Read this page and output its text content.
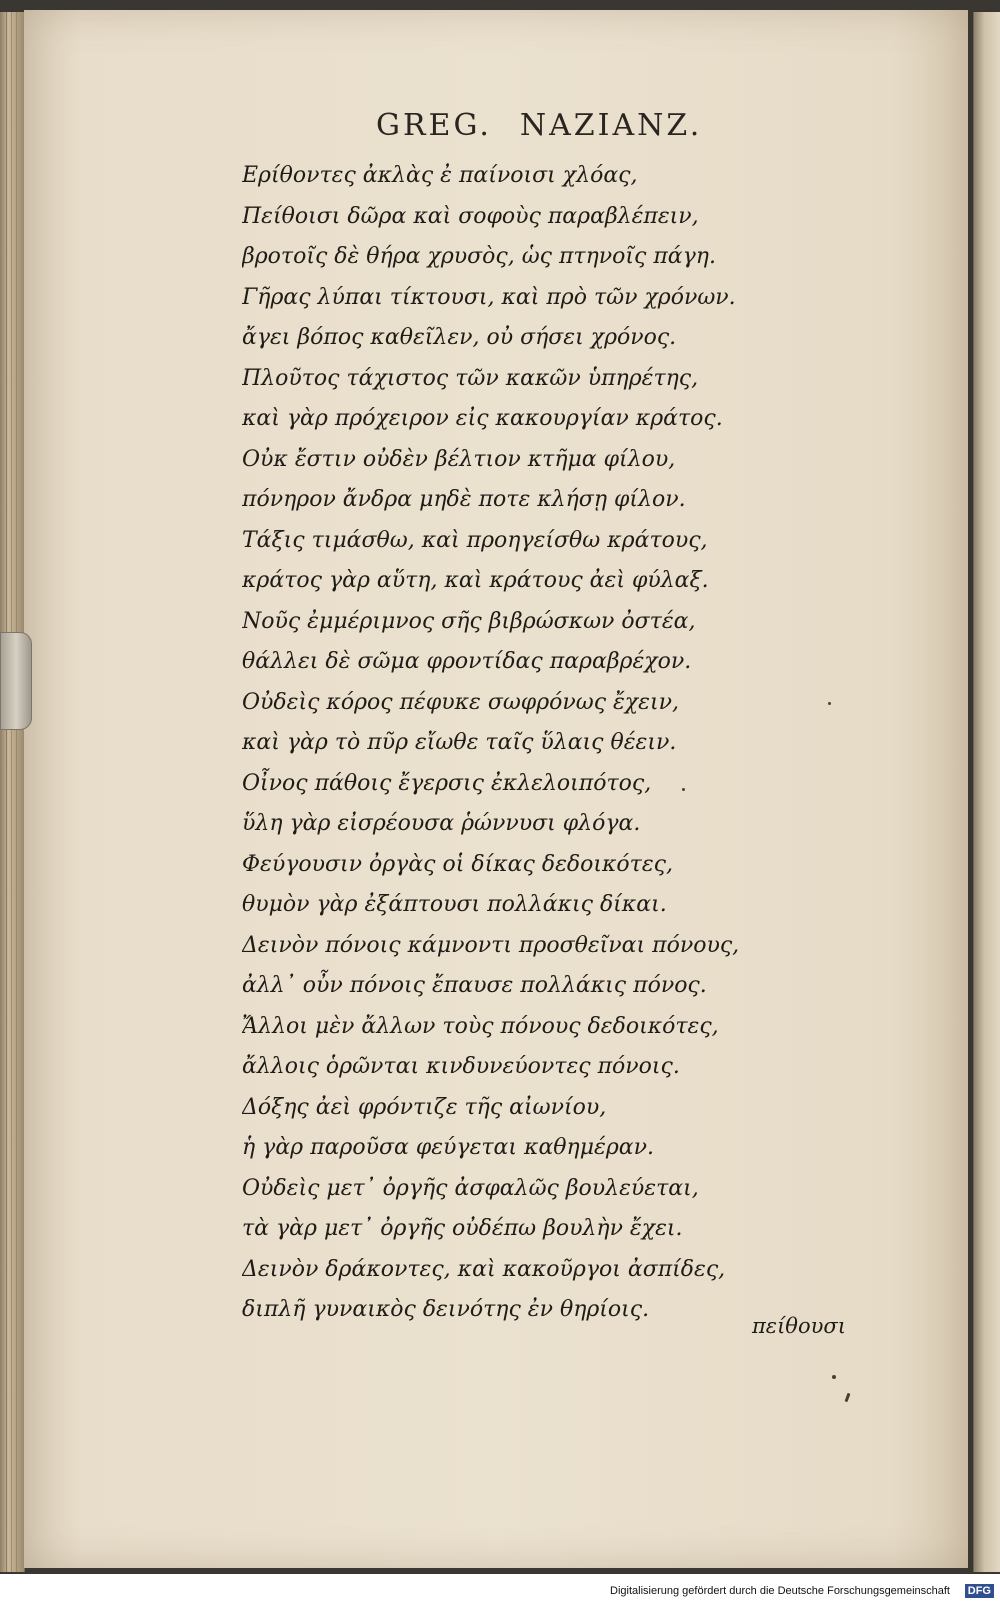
GREG. NAZIANZ.
Ερίθοντες ἀκλὰς ἐ παίνοισι χλόας,
Πείθοισι δῶρα καὶ σοφοὺς παραβλέπειν,
βροτοῖς δὲ θήρα χρυσὸς, ὡς πτηνοῖς πάγη.
Γῆρας λύπαι τίκτουσι, καὶ πρὸ τῶν χρόνων.
ἄγει βόπος καθεῖλεν, οὐ σήσει χρόνος.
Πλοῦτος τάχιστος τῶν κακῶν ὑπηρέτης,
καὶ γὰρ πρόχειρον εἰς κακουργίαν κράτος.
Οὐκ ἔστιν οὐδὲν βέλτιον κτῆμα φίλου,
πόνηρον ἄνδρα μηδὲ ποτε κλήσῃ φίλον.
Τάξις τιμάσθω, καὶ προηγείσθω κράτους,
κράτος γὰρ αὕτη, καὶ κράτους ἀεὶ φύλαξ.
Νοῦς ἐμμέριμνος σῆς βιβρώσκων ὀστέα,
θάλλει δὲ σῶμα φροντίδας παραβρέχον.
Οὐδεὶς κόρος πέφυκε σωφρόνως ἔχειν,
καὶ γὰρ τὸ πῦρ εἴωθε ταῖς ὕλαις θέειν.
Οἶνος πάθοις ἔγερσις ἐκλελοιπότος,
ὕλη γὰρ εἰσρέουσα ῥώννυσι φλόγα.
Φεύγουσιν ὀργὰς οἱ δίκας δεδοικότες,
θυμὸν γὰρ ἐξάπτουσι πολλάκις δίκαι.
Δεινὸν πόνοις κάμνοντι προσθεῖναι πόνους,
ἀλλ᾽ οὖν πόνοις ἔπαυσε πολλάκις πόνος.
Ἄλλοι μὲν ἄλλων τοὺς πόνους δεδοικότες,
ἄλλοις ὁρῶνται κινδυνεύοντες πόνοις.
Δόξης ἀεὶ φρόντιζε τῆς αἰωνίου,
ἡ γὰρ παροῦσα φεύγεται καθημέραν.
Οὐδεὶς μετ᾽ ὀργῆς ἀσφαλῶς βουλεύεται,
τὰ γὰρ μετ᾽ ὀργῆς οὐδέπω βουλὴν ἔχει.
Δεινὸν δράκοντες, καὶ κακοῦργοι ἀσπίδες,
διπλῆ γυναικὸς δεινότης ἐν θηρίοις.
πείθουσι
Digitalisierung gefördert durch die Deutsche Forschungsgemeinschaft DFG
